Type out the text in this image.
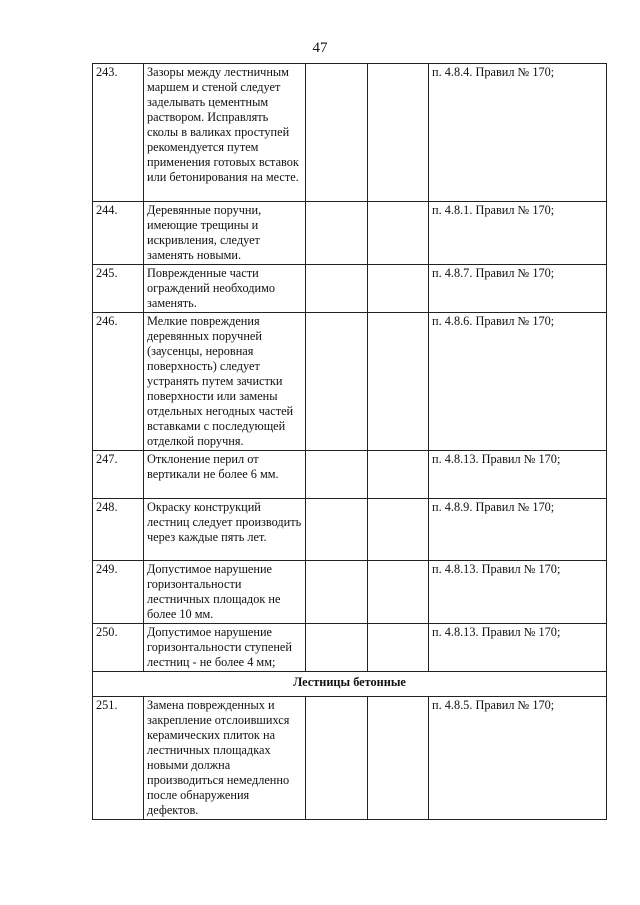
47
243.	Зазоры между лестничным маршем и стеной следует заделывать цементным раствором. Исправлять сколы в валиках проступей рекомендуется путем применения готовых вставок или бетонирования на месте.			п. 4.8.4. Правил № 170;
244.	Деревянные поручни, имеющие трещины и искривления, следует заменять новыми.			п. 4.8.1. Правил № 170;
245.	Поврежденные части ограждений необходимо заменять.			п. 4.8.7. Правил № 170;
246.	Мелкие повреждения деревянных поручней (заусенцы, неровная поверхность) следует устранять путем зачистки поверхности или замены отдельных негодных частей вставками с последующей отделкой поручня.			п. 4.8.6. Правил № 170;
247.	Отклонение перил от вертикали не более 6 мм.			п. 4.8.13. Правил № 170;
248.	Окраску конструкций лестниц следует производить через каждые пять лет.			п. 4.8.9. Правил № 170;
249.	Допустимое нарушение горизонтальности лестничных площадок не более 10 мм.			п. 4.8.13. Правил № 170;
250.	Допустимое нарушение горизонтальности ступеней лестниц - не более 4 мм;			п. 4.8.13. Правил № 170;
Лестницы бетонные				
251.	Замена поврежденных и закрепление отслоившихся керамических плиток на лестничных площадках новыми должна производиться немедленно после обнаружения дефектов.			п. 4.8.5. Правил № 170;
